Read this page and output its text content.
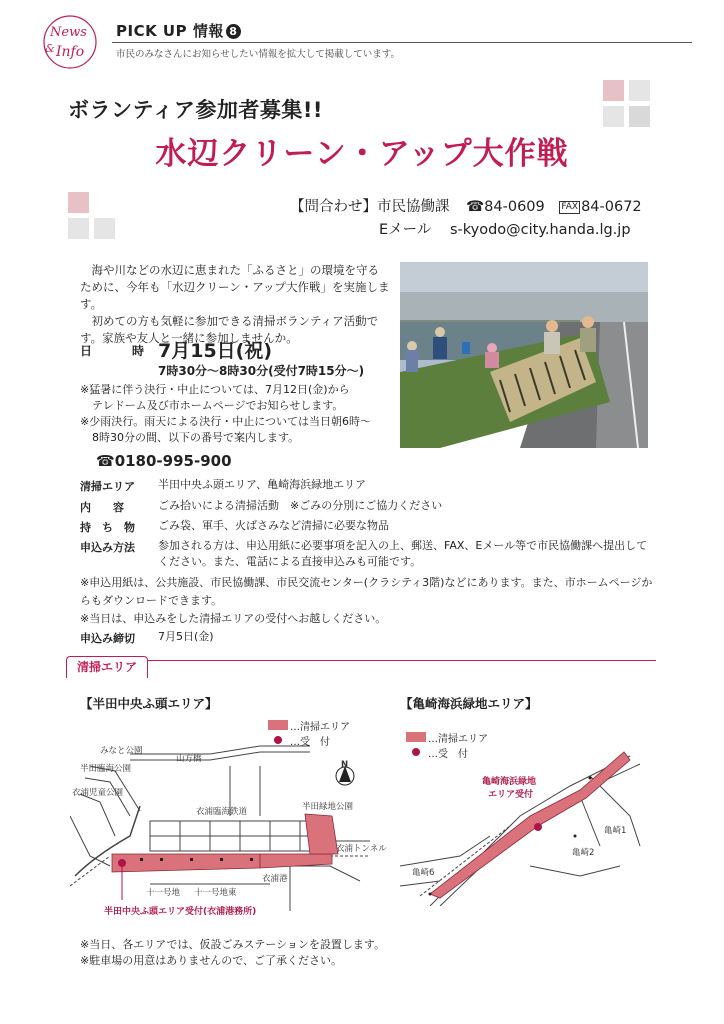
News
& Info
PICK UP 情報 8
市民のみなさんにお知らせしたい情報を拡大して掲載しています。
ボランティア参加者募集!!
水辺クリーン・アップ大作戦
【問合わせ】市民協働課 ☎84-0609 FAX 84-0672
Eメール s-kyodo@city.handa.lg.jp

海や川などの水辺に恵まれた「ふるさと」の環境を守るために、今年も「水辺クリーン・アップ大作戦」を実施します。

初めての方も気軽に参加できる清掃ボランティア活動です。家族や友人と一緒に参加しませんか。

日	時 7月15日(祝)
7時30分～8時30分(受付7時15分～)
※猛暑に伴う決行・中止については、7月12日(金)から
テレドーム及び市ホームページでお知らせします。
※少雨決行。雨天による決行・中止については当日朝6時～
8時30分の間、以下の番号で案内します。
☎0180-995-900
清掃エリア 半田中央ふ頭エリア、亀崎海浜緑地エリア
内　　容	ごみ拾いによる清掃活動　※ごみの分別にご協力ください
持　ち　物 ごみ袋、軍手、火ばさみなど清掃に必要な物品
申込み方法 参加される方は、申込用紙に必要事項を記入の上、郵送、FAX、Eメール等で市民協働課へ提出してください。また、電話による直接申込みも可能です。
※申込用紙は、公共施設、市民協働課、市民交流センター(クラシティ3階)などにあります。また、市ホームページからもダウンロードできます。
※当日は、申込みをした清掃エリアの受付へお越しください。
申込み締切 7月5日(金)
清掃エリア
【半田中央ふ頭エリア】
…清掃エリア
…受　付
みなと公園
半田臨海公園
衣浦児童公園
山方橋
衣浦臨海鉄道	半田緑地公園
衣浦トンネル
衣浦港
十一号地 十一号地東
N
半田中央ふ頭エリア受付(衣浦港務所)
【亀崎海浜緑地エリア】
…清掃エリア
…受　付
亀崎海浜緑地
エリア受付
亀崎1
亀崎2
亀崎6
※当日、各エリアでは、仮設ごみステーションを設置します。
※駐車場の用意はありませんので、ご了承ください。
